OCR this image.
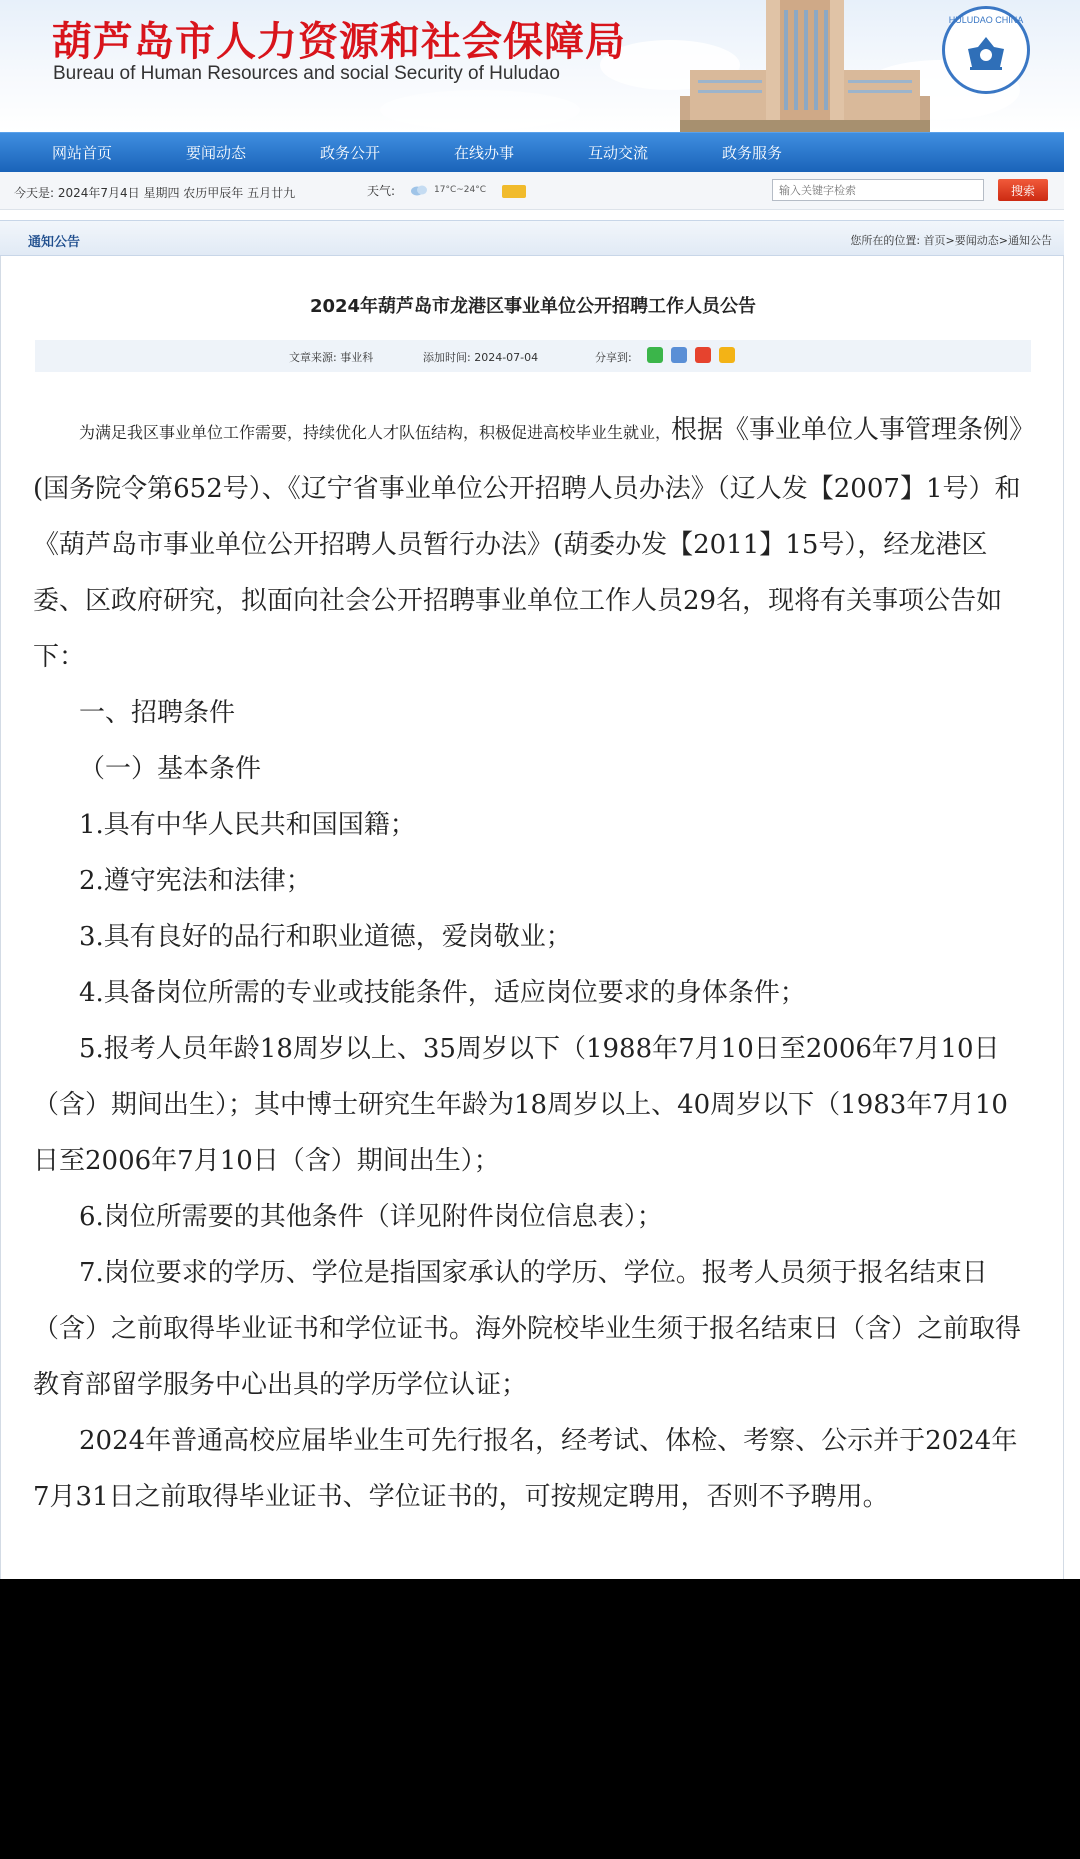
葫芦岛市人力资源和社会保障局
Bureau of Human Resources and social Security of Huludao
HULUDAO CHINA
网站首页	要闻动态	政务公开	在线办事	互动交流	政务服务
今天是: 2024年7月4日 星期四 农历甲辰年 五月廿九	天气:	17°C~24°C
输入关键字检索	搜索
通知公告	您所在的位置: 首页>要闻动态>通知公告
2024年葫芦岛市龙港区事业单位公开招聘工作人员公告
文章来源: 事业科	添加时间: 2024-07-04	分享到:

为满足我区事业单位工作需要，持续优化人才队伍结构，积极促进高校毕业生就业，根据《事业单位人事管理条例》(国务院令第652号）、《辽宁省事业单位公开招聘人员办法》（辽人发【2007】1号）和《葫芦岛市事业单位公开招聘人员暂行办法》(葫委办发【2011】15号），经龙港区委、区政府研究，拟面向社会公开招聘事业单位工作人员29名，现将有关事项公告如下：

一、招聘条件

（一）基本条件

1.具有中华人民共和国国籍；

2.遵守宪法和法律；

3.具有良好的品行和职业道德，爱岗敬业；

4.具备岗位所需的专业或技能条件，适应岗位要求的身体条件；

5.报考人员年龄18周岁以上、35周岁以下（1988年7月10日至2006年7月10日（含）期间出生）；其中博士研究生年龄为18周岁以上、40周岁以下（1983年7月10日至2006年7月10日（含）期间出生）；

6.岗位所需要的其他条件（详见附件岗位信息表）；

7.岗位要求的学历、学位是指国家承认的学历、学位。报考人员须于报名结束日（含）之前取得毕业证书和学位证书。海外院校毕业生须于报名结束日（含）之前取得教育部留学服务中心出具的学历学位认证；

2024年普通高校应届毕业生可先行报名，经考试、体检、考察、公示并于2024年7月31日之前取得毕业证书、学位证书的，可按规定聘用，否则不予聘用。
